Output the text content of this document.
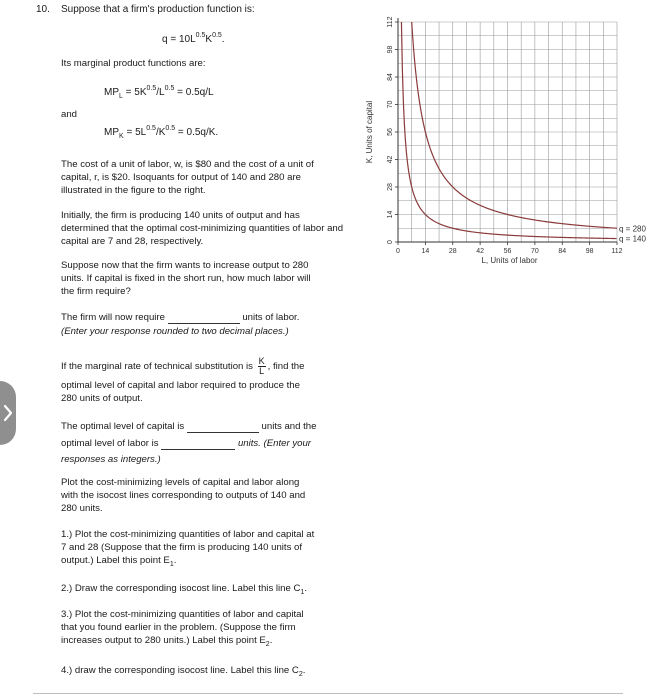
10. Suppose that a firm's production function is:
$q = 10L^{0.5}K^{0.5}$.
Its marginal product functions are:
$MP_L = 5K^{0.5}/L^{0.5} = 0.5q/L$
and
$MP_K = 5L^{0.5}/K^{0.5} = 0.5q/K$.
The cost of a unit of labor, w, is $80 and the cost of a unit of
capital, r, is $20. Isoquants for output of 140 and 280 are
illustrated in the figure to the right.
Initially, the firm is producing 140 units of output and has
determined that the optimal cost-minimizing quantities of labor and
capital are 7 and 28, respectively.
Suppose now that the firm wants to increase output to 280
units. If capital is fixed in the short run, how much labor will
the firm require?
The firm will now require	units of labor.
(Enter your response rounded to two decimal places.)
If the marginal rate of technical substitution is $\frac{K}{L}$ , find the
optimal level of capital and labor required to produce the
280 units of output.
The optimal level of capital is	units and the
optimal level of labor is	units. (Enter your
responses as integers.)
Plot the cost-minimizing levels of capital and labor along
with the isocost lines corresponding to outputs of 140 and
280 units.
1.) Plot the cost-minimizing quantities of labor and capital at
7 and 28 (Suppose that the firm is producing 140 units of
output.) Label this point $E_1$.
2.) Draw the corresponding isocost line. Label this line $C_1$.
3.) Plot the cost-minimizing quantities of labor and capital
that you found earlier in the problem. (Suppose the firm
increases output to 280 units.) Label this point $E_2$.
4.) draw the corresponding isocost line. Label this line $C_2$.
0
14
28
42
56
70
84
98
112
0	14	28	42	56	70	84	98	112
L, Units of labor
K, Units of capital
q = 140
q = 280
